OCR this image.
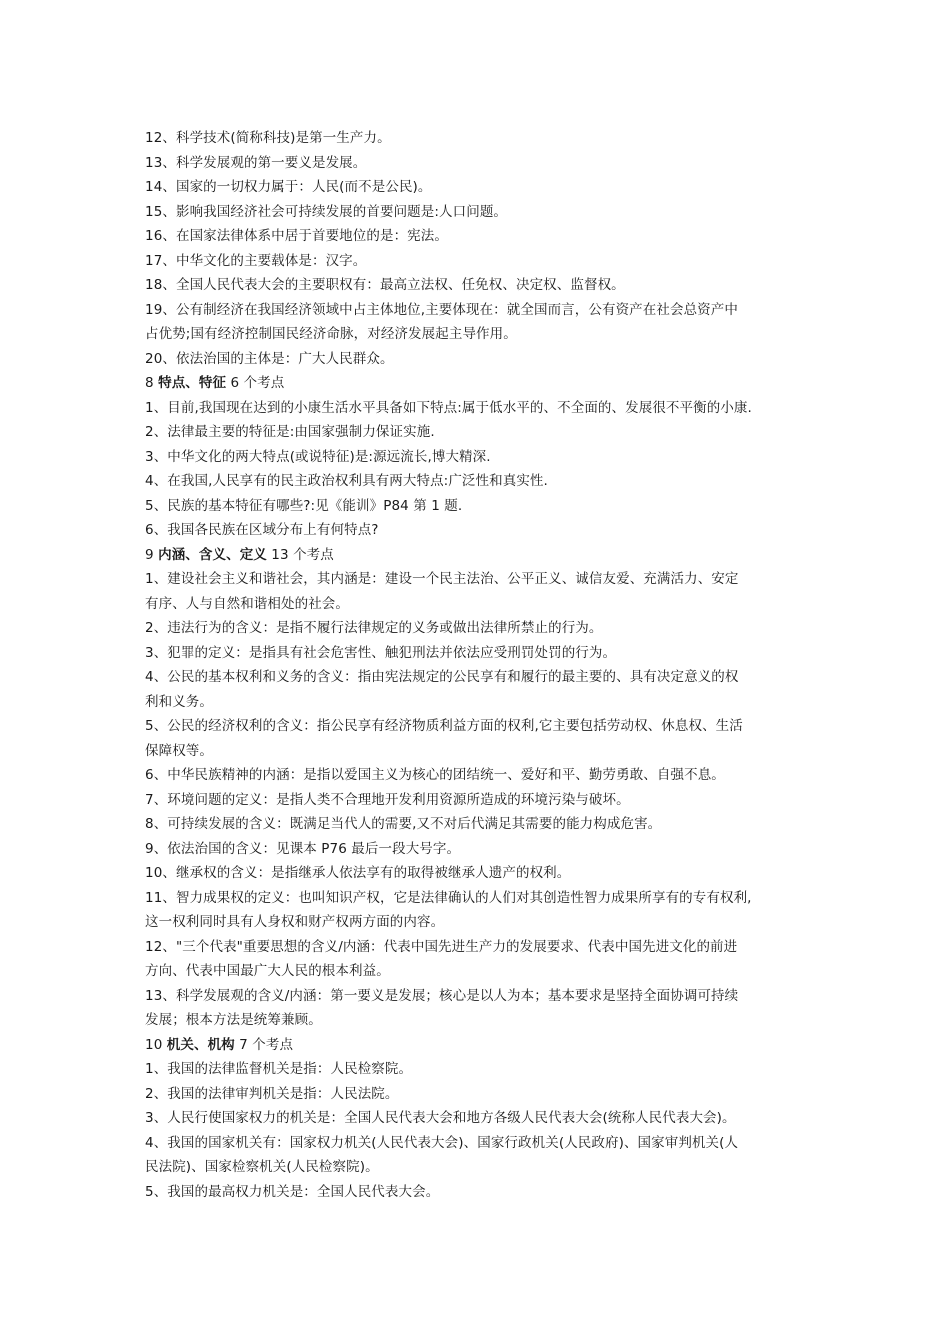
12、科学技术(简称科技)是第一生产力。
13、科学发展观的第一要义是发展。
14、国家的一切权力属于：人民(而不是公民)。
15、影响我国经济社会可持续发展的首要问题是:人口问题。
16、在国家法律体系中居于首要地位的是：宪法。
17、中华文化的主要载体是：汉字。
18、全国人民代表大会的主要职权有：最高立法权、任免权、决定权、监督权。
19、公有制经济在我国经济领域中占主体地位,主要体现在：就全国而言，公有资产在社会总资产中
占优势;国有经济控制国民经济命脉，对经济发展起主导作用。
20、依法治国的主体是：广大人民群众。
8 特点、特征 6 个考点
1、目前,我国现在达到的小康生活水平具备如下特点:属于低水平的、不全面的、发展很不平衡的小康.
2、法律最主要的特征是:由国家强制力保证实施.
3、中华文化的两大特点(或说特征)是:源远流长,博大精深.
4、在我国,人民享有的民主政治权利具有两大特点:广泛性和真实性.
5、民族的基本特征有哪些?:见《能训》P84 第 1 题.
6、我国各民族在区域分布上有何特点?
9 内涵、含义、定义 13 个考点
1、建设社会主义和谐社会，其内涵是：建设一个民主法治、公平正义、诚信友爱、充满活力、安定
有序、人与自然和谐相处的社会。
2、违法行为的含义：是指不履行法律规定的义务或做出法律所禁止的行为。
3、犯罪的定义：是指具有社会危害性、触犯刑法并依法应受刑罚处罚的行为。
4、公民的基本权利和义务的含义：指由宪法规定的公民享有和履行的最主要的、具有决定意义的权
利和义务。
5、公民的经济权利的含义：指公民享有经济物质利益方面的权利,它主要包括劳动权、休息权、生活
保障权等。
6、中华民族精神的内涵：是指以爱国主义为核心的团结统一、爱好和平、勤劳勇敢、自强不息。
7、环境问题的定义：是指人类不合理地开发利用资源所造成的环境污染与破坏。
8、可持续发展的含义：既满足当代人的需要,又不对后代满足其需要的能力构成危害。
9、依法治国的含义：见课本 P76 最后一段大号字。
10、继承权的含义：是指继承人依法享有的取得被继承人遗产的权利。
11、智力成果权的定义：也叫知识产权，它是法律确认的人们对其创造性智力成果所享有的专有权利,
这一权利同时具有人身权和财产权两方面的内容。
12、"三个代表"重要思想的含义/内涵：代表中国先进生产力的发展要求、代表中国先进文化的前进
方向、代表中国最广大人民的根本利益。
13、科学发展观的含义/内涵：第一要义是发展；核心是以人为本；基本要求是坚持全面协调可持续
发展；根本方法是统筹兼顾。
10 机关、机构 7 个考点
1、我国的法律监督机关是指：人民检察院。
2、我国的法律审判机关是指：人民法院。
3、人民行使国家权力的机关是：全国人民代表大会和地方各级人民代表大会(统称人民代表大会)。
4、我国的国家机关有：国家权力机关(人民代表大会)、国家行政机关(人民政府)、国家审判机关(人
民法院)、国家检察机关(人民检察院)。
5、我国的最高权力机关是：全国人民代表大会。
